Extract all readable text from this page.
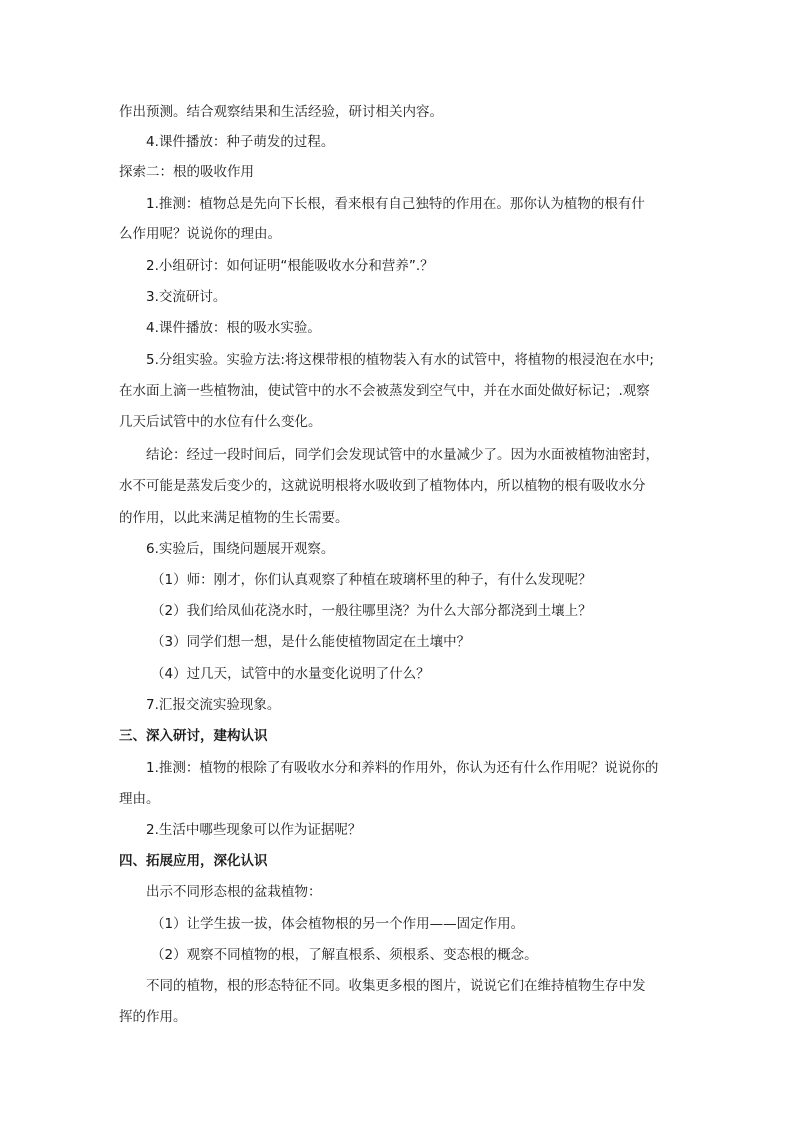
作出预测。结合观察结果和生活经验，研讨相关内容。
4.课件播放：种子萌发的过程。
探索二：根的吸收作用
1.推测：植物总是先向下长根，看来根有自己独特的作用在。那你认为植物的根有什
么作用呢？说说你的理由。
2.小组研讨：如何证明“根能吸收水分和营养”.？
3.交流研讨。
4.课件播放：根的吸水实验。
5.分组实验。实验方法:将这棵带根的植物装入有水的试管中，将植物的根浸泡在水中;
在水面上滴一些植物油，使试管中的水不会被蒸发到空气中，并在水面处做好标记；.观察
几天后试管中的水位有什么变化。
结论：经过一段时间后，同学们会发现试管中的水量减少了。因为水面被植物油密封，
水不可能是蒸发后变少的，这就说明根将水吸收到了植物体内，所以植物的根有吸收水分
的作用，以此来满足植物的生长需要。
6.实验后，围绕问题展开观察。
（1）师：刚才，你们认真观察了种植在玻璃杯里的种子，有什么发现呢？
（2）我们给凤仙花浇水时，一般往哪里浇？为什么大部分都浇到土壤上？
（3）同学们想一想，是什么能使植物固定在土壤中？
（4）过几天，试管中的水量变化说明了什么？
7.汇报交流实验现象。
三、深入研讨，建构认识
1.推测：植物的根除了有吸收水分和养料的作用外，你认为还有什么作用呢？说说你的
理由。
2.生活中哪些现象可以作为证据呢？
四、拓展应用，深化认识
出示不同形态根的盆栽植物：
（1）让学生拔一拔，体会植物根的另一个作用——固定作用。
（2）观察不同植物的根，了解直根系、须根系、变态根的概念。
不同的植物，根的形态特征不同。收集更多根的图片，说说它们在维持植物生存中发
挥的作用。
